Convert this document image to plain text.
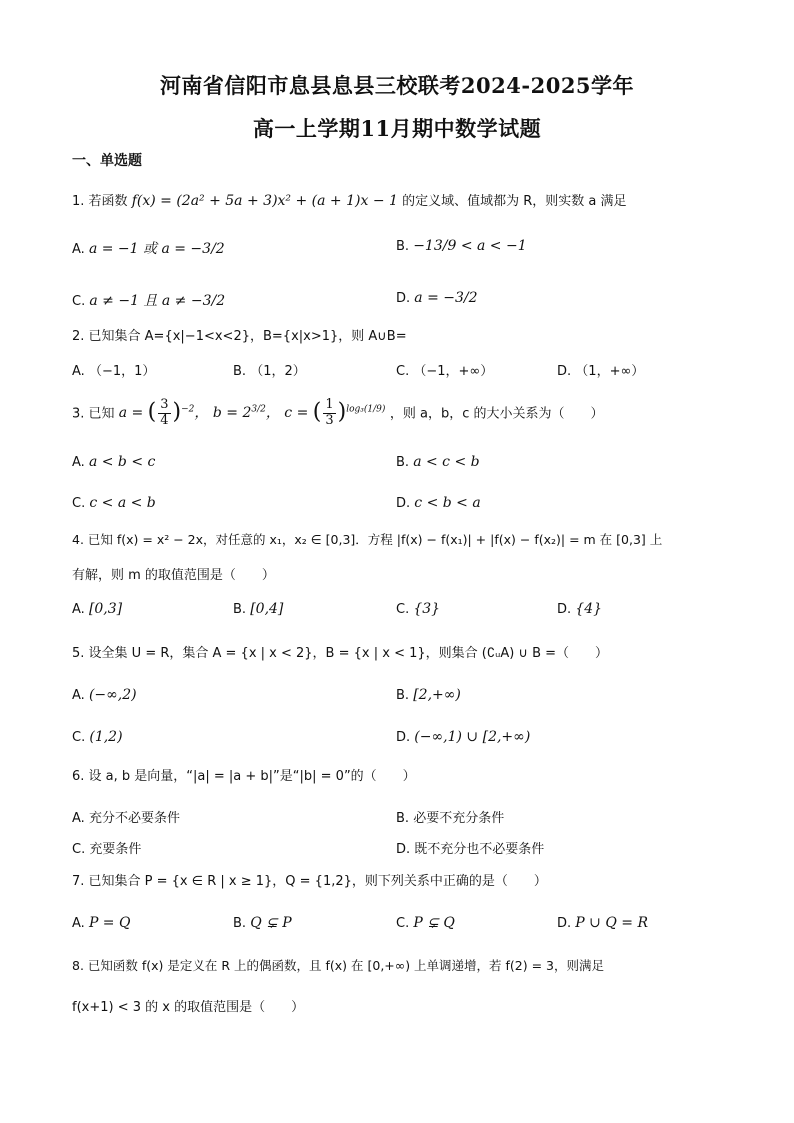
河南省信阳市息县息县三校联考2024-2025学年
高一上学期11月期中数学试题
一、单选题
1. 若函数 f(x) = (2a² + 5a + 3)x² + (a + 1)x − 1 的定义域、值域都为 R，则实数 a 满足
A. a = −1 或 a = −3/2	B. −13/9 < a < −1
C. a ≠ −1 且 a ≠ −3/2	D. a = −3/2
2. 已知集合 A={x|−1<x<2}，B={x|x>1}，则 A∪B=
A. （−1，1）	B. （1，2）	C. （−1，+∞）	D. （1，+∞）
3. 已知 a = ( $\frac{3}{4} )^{-2}$， $b = 2^{3/2}$， c = ( $\frac{1}{3} )^{log_3(1/9)}$ ，则 a，b，c 的大小关系为（　　）
A. a < b < c	B. a < c < b
C. c < a < b	D. c < b < a
4. 已知 f(x) = x² − 2x，对任意的 x₁，x₂ ∈ [0,3]．方程 |f(x) − f(x₁)| + |f(x) − f(x₂)| = m 在 [0,3] 上
有解，则 m 的取值范围是（　　）
A. [0,3]	B. [0,4]	C. {3}	D. {4}
5. 设全集 U = R，集合 A = {x | x < 2}，B = {x | x < 1}，则集合 (∁ᵤA) ∪ B =（　　）
A. (−∞,2)	B. [2,+∞)
C. (1,2)	D. (−∞,1) ∪ [2,+∞)
6. 设 a, b 是向量，“|a| = |a + b|”是“|b| = 0”的（　　）
A. 充分不必要条件	B. 必要不充分条件
C. 充要条件	D. 既不充分也不必要条件
7. 已知集合 P = {x ∈ R | x ≥ 1}，Q = {1,2}，则下列关系中正确的是（　　）
A. P = Q	B. Q ⊊ P	C. P ⊊ Q	D. P ∪ Q = R
8. 已知函数 f(x) 是定义在 R 上的偶函数，且 f(x) 在 [0,+∞) 上单调递增，若 f(2) = 3，则满足
f(x+1) < 3 的 x 的取值范围是（　　）
